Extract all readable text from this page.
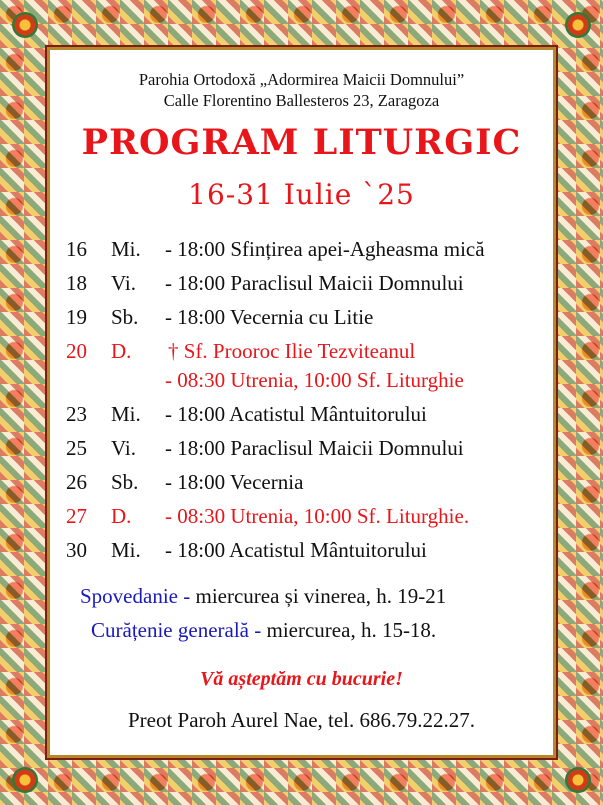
Parohia Ortodoxă „Adormirea Maicii Domnului”
Calle Florentino Ballesteros 23, Zaragoza
PROGRAM LITURGIC
16-31 Iulie `25
16 Mi. - 18:00 Sfințirea apei-Agheasma mică
18 Vi. - 18:00 Paraclisul Maicii Domnului
19 Sb. - 18:00 Vecernia cu Litie
20 D. † Sf. Prooroc Ilie Tezviteanul
- 08:30 Utrenia, 10:00 Sf. Liturghie
23 Mi. - 18:00 Acatistul Mântuitorului
25 Vi. - 18:00 Paraclisul Maicii Domnului
26 Sb. - 18:00 Vecernia
27 D. - 08:30 Utrenia, 10:00 Sf. Liturghie.
30 Mi. - 18:00 Acatistul Mântuitorului
Spovedanie - miercurea și vinerea, h. 19-21
Curățenie generală - miercurea, h. 15-18.
Vă așteptăm cu bucurie!
Preot Paroh Aurel Nae, tel. 686.79.22.27.
